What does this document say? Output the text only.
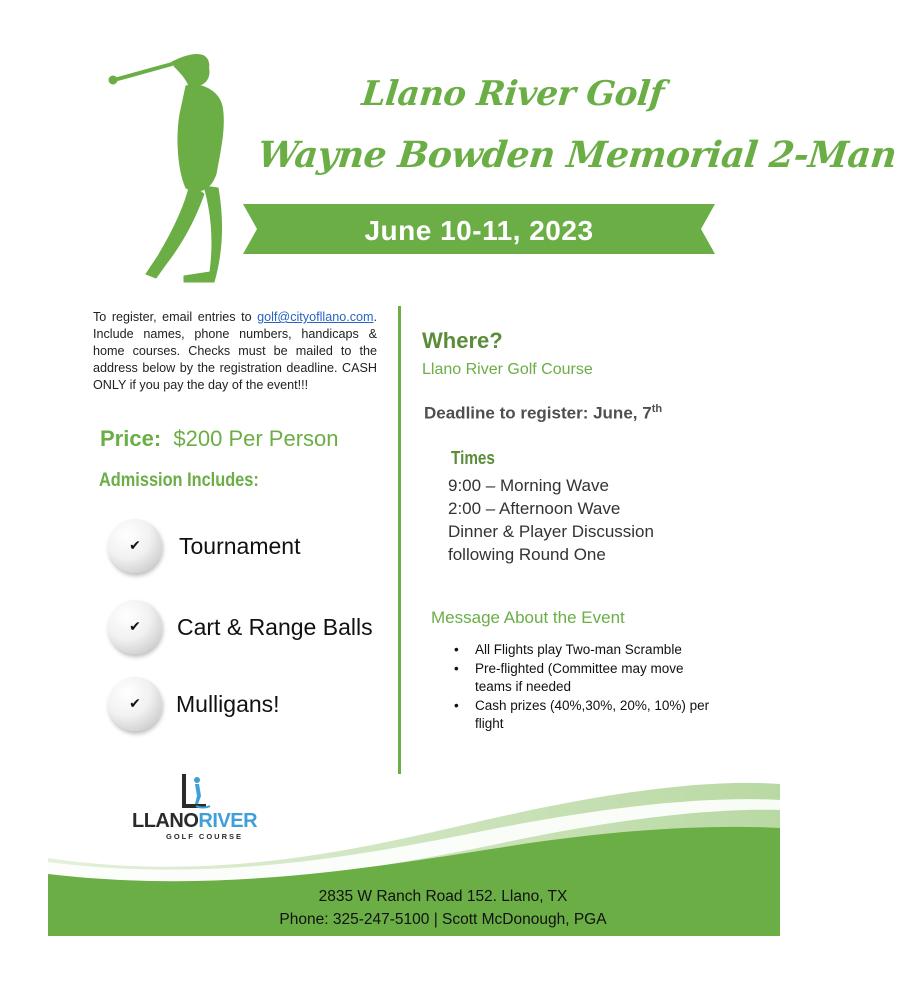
Llano River Golf
Wayne Bowden Memorial 2-Man
June 10-11, 2023
To register, email entries to golf@cityofllano.com. Include names, phone numbers, handicaps & home courses. Checks must be mailed to the address below by the registration deadline. CASH ONLY if you pay the day of the event!!!
Price: $200 Per Person
Admission Includes:
✔	Tournament
✔	Cart & Range Balls
✔	Mulligans!
Where?
Llano River Golf Course
Deadline to register: June, 7th
Times
9:00 – Morning Wave
2:00 – Afternoon Wave
Dinner & Player Discussion
following Round One
Message About the Event
• All Flights play Two-man Scramble
• Pre-flighted (Committee may move teams if needed
• Cash prizes (40%,30%, 20%, 10%) per flight
LLANORIVER
GOLF COURSE
2835 W Ranch Road 152. Llano, TX
Phone: 325-247-5100 | Scott McDonough, PGA
